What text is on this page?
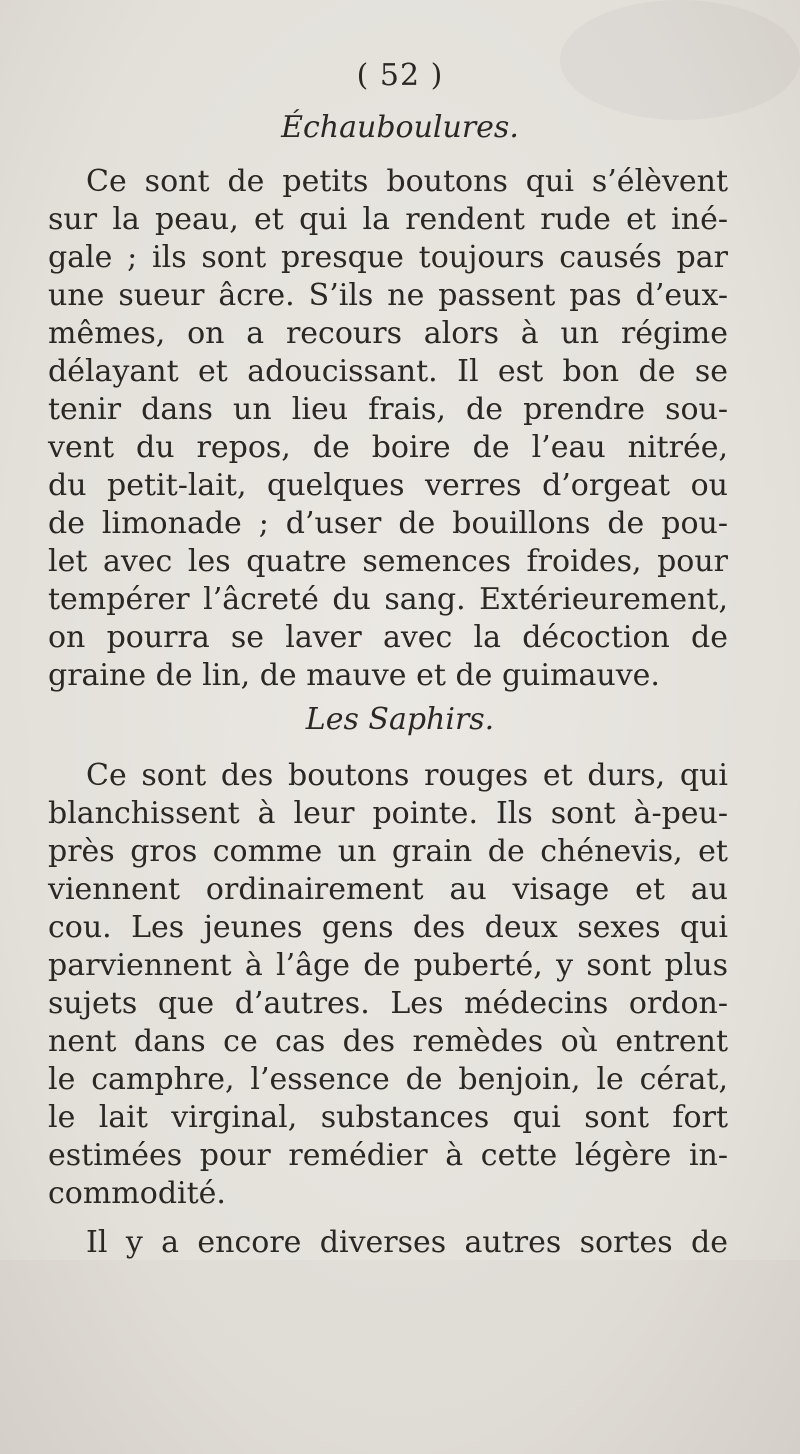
( 52 )
Échauboulures.
Ce sont de petits boutons qui s’élèvent
sur la peau, et qui la rendent rude et iné-
gale ; ils sont presque toujours causés par
une sueur âcre. S’ils ne passent pas d’eux-
mêmes, on a recours alors à un régime
délayant et adoucissant. Il est bon de se
tenir dans un lieu frais, de prendre sou-
vent du repos, de boire de l’eau nitrée,
du petit-lait, quelques verres d’orgeat ou
de limonade ; d’user de bouillons de pou-
let avec les quatre semences froides, pour
tempérer l’âcreté du sang. Extérieurement,
on pourra se laver avec la décoction de
graine de lin, de mauve et de guimauve.
Les Saphirs.
Ce sont des boutons rouges et durs, qui
blanchissent à leur pointe. Ils sont à-peu-
près gros comme un grain de chénevis, et
viennent ordinairement au visage et au
cou. Les jeunes gens des deux sexes qui
parviennent à l’âge de puberté, y sont plus
sujets que d’autres. Les médecins ordon-
nent dans ce cas des remèdes où entrent
le camphre, l’essence de benjoin, le cérat,
le lait virginal, substances qui sont fort
estimées pour remédier à cette légère in-
commodité.
Il y a encore diverses autres sortes de
